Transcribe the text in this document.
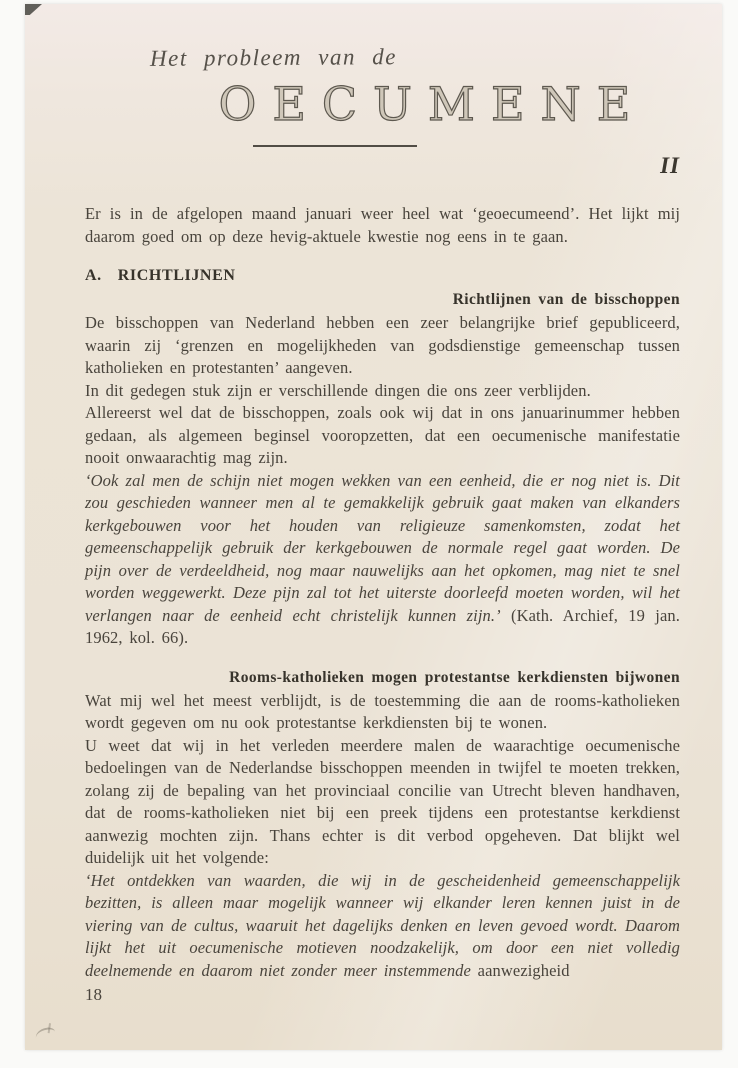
Het probleem van de
OECUMENE
II

Er is in de afgelopen maand januari weer heel wat ‘geoecumeend’. Het lijkt mij daarom goed om op deze hevig-aktuele kwestie nog eens in te gaan.

A. RICHTLIJNEN
Richtlijnen van de bisschoppen

De bisschoppen van Nederland hebben een zeer belangrijke brief gepubliceerd, waarin zij ‘grenzen en mogelijkheden van godsdienstige gemeenschap tussen katholieken en protestanten’ aangeven.

In dit gedegen stuk zijn er verschillende dingen die ons zeer verblijden.

Allereerst wel dat de bisschoppen, zoals ook wij dat in ons januarinummer hebben gedaan, als algemeen beginsel vooropzetten, dat een oecumenische manifestatie nooit onwaarachtig mag zijn.

‘Ook zal men de schijn niet mogen wekken van een eenheid, die er nog niet is. Dit zou geschieden wanneer men al te gemakkelijk gebruik gaat maken van elkanders kerkgebouwen voor het houden van religieuze samenkomsten, zodat het gemeenschappelijk gebruik der kerkgebouwen de normale regel gaat worden. De pijn over de verdeeldheid, nog maar nauwelijks aan het opkomen, mag niet te snel worden weggewerkt. Deze pijn zal tot het uiterste doorleefd moeten worden, wil het verlangen naar de eenheid echt christelijk kunnen zijn.’ (Kath. Archief, 19 jan. 1962, kol. 66).

Rooms-katholieken mogen protestantse kerkdiensten bijwonen

Wat mij wel het meest verblijdt, is de toestemming die aan de rooms-katholieken wordt gegeven om nu ook protestantse kerkdiensten bij te wonen.

U weet dat wij in het verleden meerdere malen de waarachtige oecumenische bedoelingen van de Nederlandse bisschoppen meenden in twijfel te moeten trekken, zolang zij de bepaling van het provinciaal concilie van Utrecht bleven handhaven, dat de rooms-katholieken niet bij een preek tijdens een protestantse kerkdienst aanwezig mochten zijn. Thans echter is dit verbod opgeheven. Dat blijkt wel duidelijk uit het volgende:

‘Het ontdekken van waarden, die wij in de gescheidenheid gemeenschappelijk bezitten, is alleen maar mogelijk wanneer wij elkander leren kennen juist in de viering van de cultus, waaruit het dagelijks denken en leven gevoed wordt. Daarom lijkt het uit oecumenische motieven noodzakelijk, om door een niet volledig deelnemende en daarom niet zonder meer instemmende aanwezigheid

18
